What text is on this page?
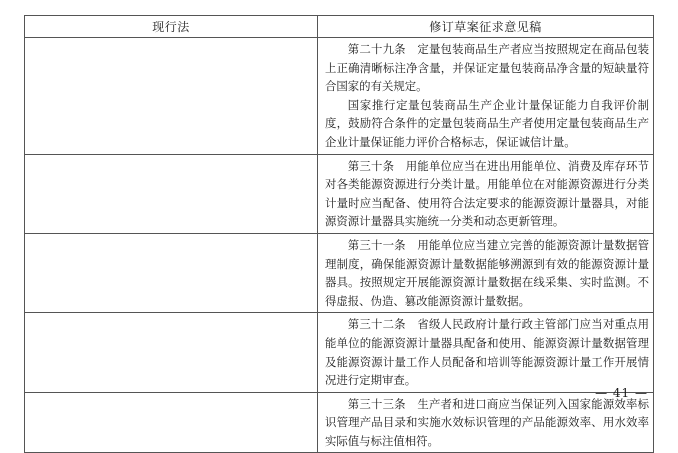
现行法	修订草案征求意见稿

第二十九条　定量包装商品生产者应当按照规定在商品包装上正确清晰标注净含量，并保证定量包装商品净含量的短缺量符合国家的有关规定。

国家推行定量包装商品生产企业计量保证能力自我评价制度，鼓励符合条件的定量包装商品生产者使用定量包装商品生产企业计量保证能力评价合格标志，保证诚信计量。

第三十条　用能单位应当在进出用能单位、消费及库存环节对各类能源资源进行分类计量。用能单位在对能源资源进行分类计量时应当配备、使用符合法定要求的能源资源计量器具，对能源资源计量器具实施统一分类和动态更新管理。

第三十一条　用能单位应当建立完善的能源资源计量数据管理制度，确保能源资源计量数据能够溯源到有效的能源资源计量器具。按照规定开展能源资源计量数据在线采集、实时监测。不得虚报、伪造、篡改能源资源计量数据。

第三十二条　省级人民政府计量行政主管部门应当对重点用能单位的能源资源计量器具配备和使用、能源资源计量数据管理及能源资源计量工作人员配备和培训等能源资源计量工作开展情况进行定期审查。

第三十三条　生产者和进口商应当保证列入国家能源效率标识管理产品目录和实施水效标识管理的产品能源效率、用水效率实际值与标注值相符。

— 41 —
